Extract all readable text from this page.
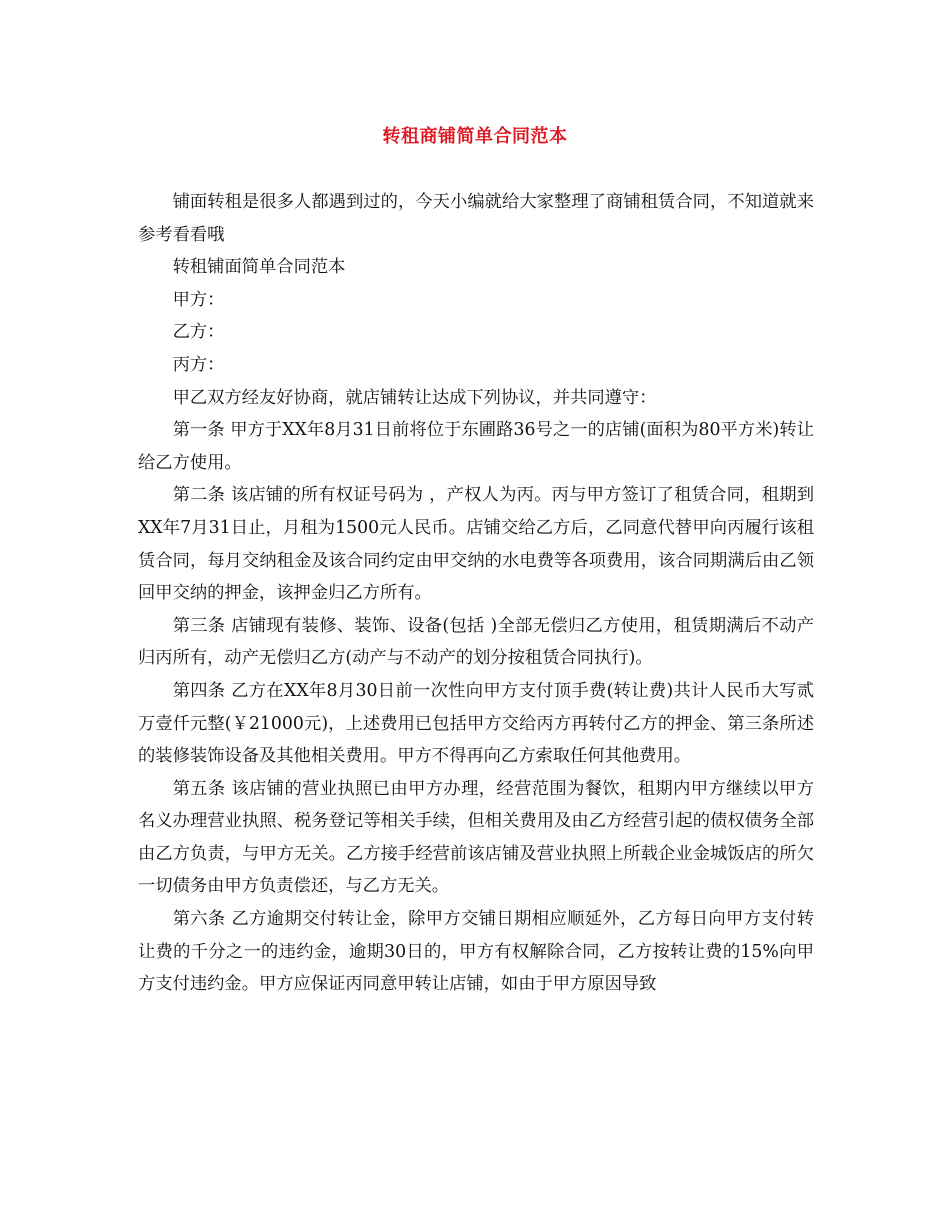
转租商铺简单合同范本

铺面转租是很多人都遇到过的，今天小编就给大家整理了商铺租赁合同，不知道就来参考看看哦

转租铺面简单合同范本

甲方：

乙方：

丙方：

甲乙双方经友好协商，就店铺转让达成下列协议，并共同遵守：

第一条 甲方于XX年8月31日前将位于东圃路36号之一的店铺(面积为80平方米)转让给乙方使用。

第二条 该店铺的所有权证号码为 ，产权人为丙。丙与甲方签订了租赁合同，租期到XX年7月31日止，月租为1500元人民币。店铺交给乙方后，乙同意代替甲向丙履行该租赁合同，每月交纳租金及该合同约定由甲交纳的水电费等各项费用，该合同期满后由乙领回甲交纳的押金，该押金归乙方所有。

第三条 店铺现有装修、装饰、设备(包括 )全部无偿归乙方使用，租赁期满后不动产归丙所有，动产无偿归乙方(动产与不动产的划分按租赁合同执行)。

第四条 乙方在XX年8月30日前一次性向甲方支付顶手费(转让费)共计人民币大写贰万壹仟元整(￥21000元)，上述费用已包括甲方交给丙方再转付乙方的押金、第三条所述的装修装饰设备及其他相关费用。甲方不得再向乙方索取任何其他费用。

第五条 该店铺的营业执照已由甲方办理，经营范围为餐饮，租期内甲方继续以甲方名义办理营业执照、税务登记等相关手续，但相关费用及由乙方经营引起的债权债务全部由乙方负责，与甲方无关。乙方接手经营前该店铺及营业执照上所载企业金城饭店的所欠一切债务由甲方负责偿还，与乙方无关。

第六条 乙方逾期交付转让金，除甲方交铺日期相应顺延外，乙方每日向甲方支付转让费的千分之一的违约金，逾期30日的，甲方有权解除合同，乙方按转让费的15%向甲方支付违约金。甲方应保证丙同意甲转让店铺，如由于甲方原因导致
